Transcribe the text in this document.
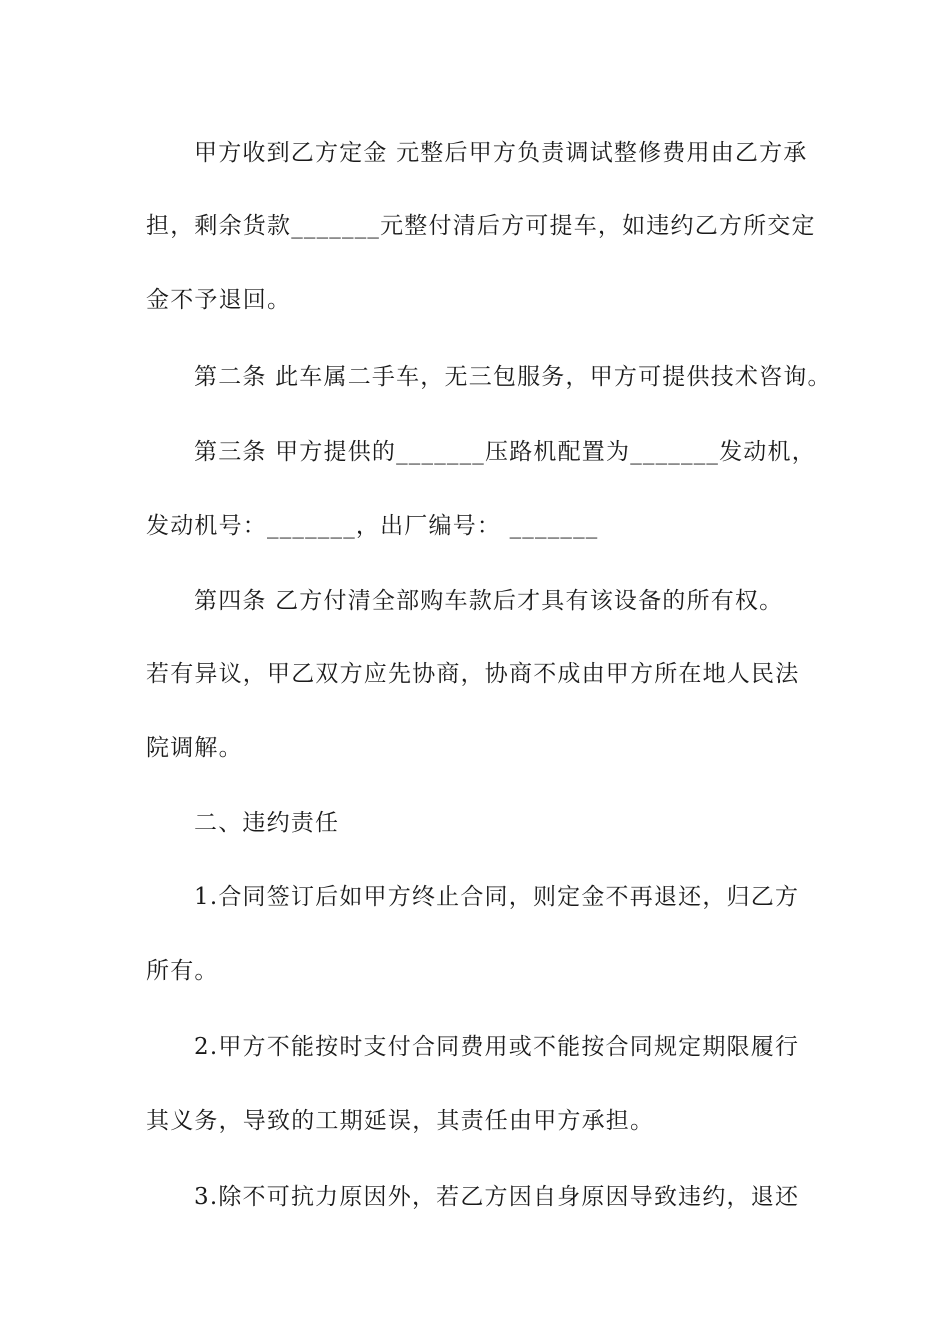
甲方收到乙方定金 元整后甲方负责调试整修费用由乙方承
担，剩余货款_______元整付清后方可提车，如违约乙方所交定
金不予退回。
第二条 此车属二手车，无三包服务，甲方可提供技术咨询。
第三条 甲方提供的_______压路机配置为_______发动机，
发动机号：_______，出厂编号： _______
第四条 乙方付清全部购车款后才具有该设备的所有权。
若有异议，甲乙双方应先协商，协商不成由甲方所在地人民法
院调解。
二、违约责任
1.合同签订后如甲方终止合同，则定金不再退还，归乙方
所有。
2.甲方不能按时支付合同费用或不能按合同规定期限履行
其义务，导致的工期延误，其责任由甲方承担。
3.除不可抗力原因外，若乙方因自身原因导致违约，退还
